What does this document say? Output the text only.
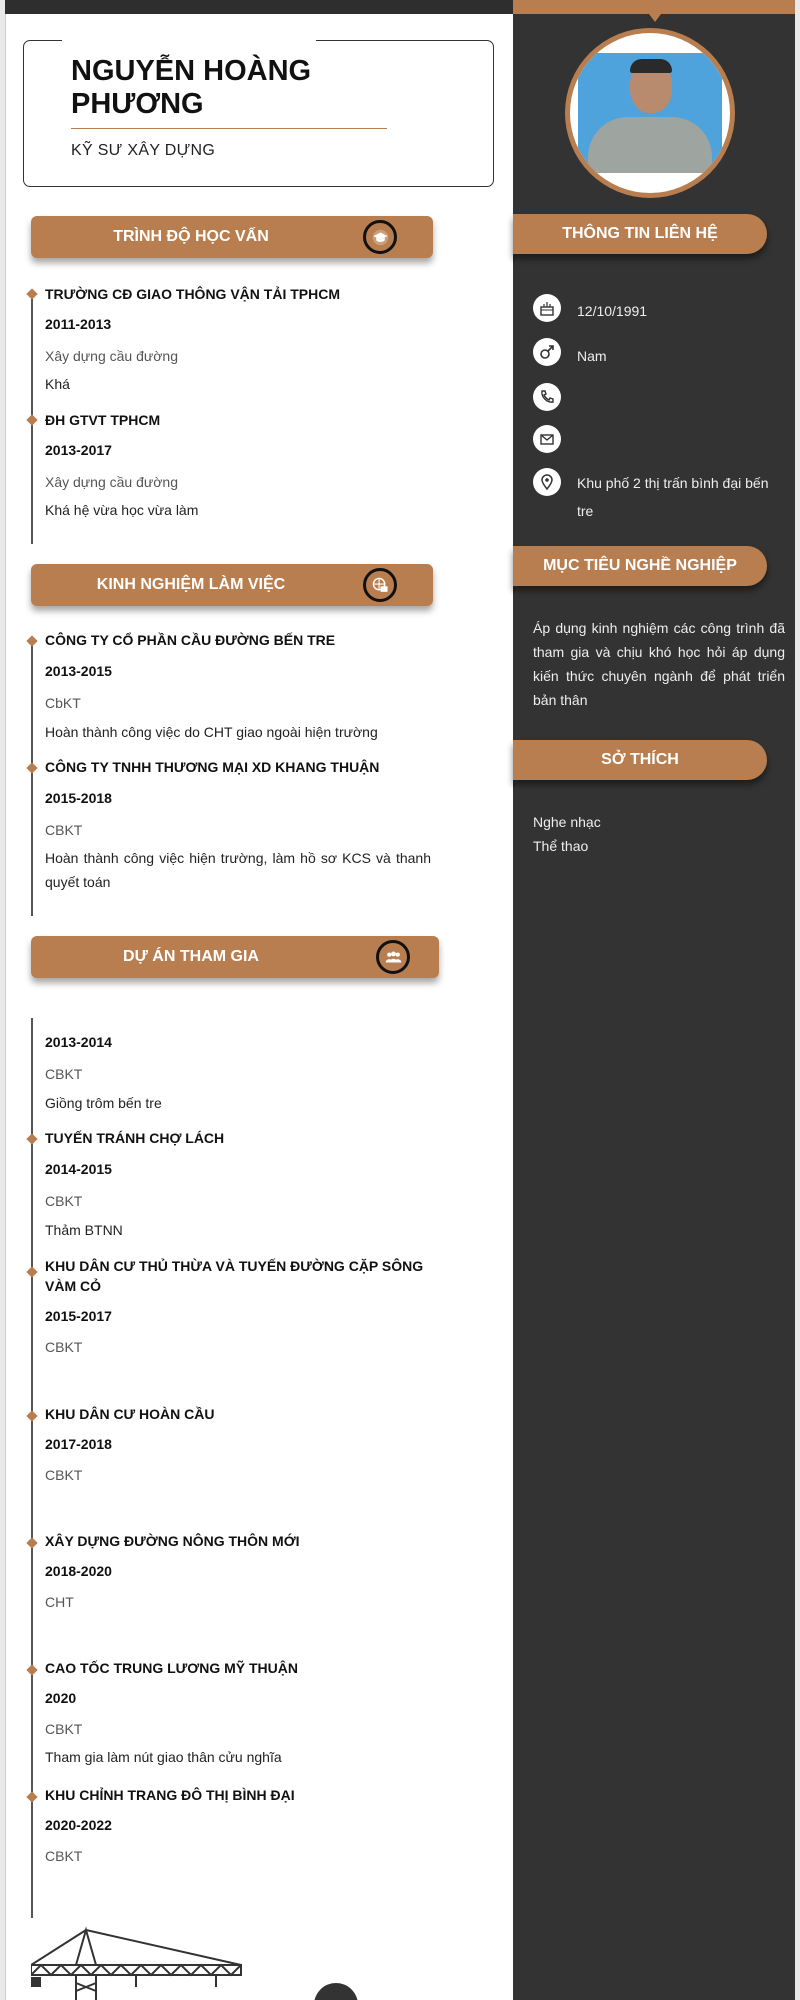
NGUYỄN HOÀNG PHƯƠNG
KỸ SƯ XÂY DỰNG
TRÌNH ĐỘ HỌC VẤN
TRƯỜNG CĐ GIAO THÔNG VẬN TẢI TPHCM
2011-2013
Xây dựng cầu đường
Khá
ĐH GTVT TPHCM
2013-2017
Xây dựng cầu đường
Khá hệ vừa học vừa làm
KINH NGHIỆM LÀM VIỆC
CÔNG TY CỔ PHẦN CẦU ĐƯỜNG BẾN TRE
2013-2015
CbKT
Hoàn thành công việc do CHT giao ngoài hiện trường
CÔNG TY TNHH THƯƠNG MẠI XD KHANG THUẬN
2015-2018
CBKT
Hoàn thành công việc hiện trường, làm hồ sơ KCS và thanh quyết toán
DỰ ÁN THAM GIA
2013-2014
CBKT
Giồng trôm bến tre
TUYẾN TRÁNH CHỢ LÁCH
2014-2015
CBKT
Thảm BTNN
KHU DÂN CƯ THỦ THỪA VÀ TUYẾN ĐƯỜNG CẶP SÔNG VÀM CỎ
2015-2017
CBKT
KHU DÂN CƯ HOÀN CẦU
2017-2018
CBKT
XÂY DỰNG ĐƯỜNG NÔNG THÔN MỚI
2018-2020
CHT
CAO TỐC TRUNG LƯƠNG MỸ THUẬN
2020
CBKT
Tham gia làm nút giao thân cửu nghĩa
KHU CHỈNH TRANG ĐÔ THỊ BÌNH ĐẠI
2020-2022
CBKT
THÔNG TIN LIÊN HỆ
12/10/1991
Nam
Khu phố 2 thị trấn bình đại bến tre
MỤC TIÊU NGHỀ NGHIỆP
Áp dụng kinh nghiệm các công trình đã tham gia và chịu khó học hỏi áp dụng kiến thức chuyên ngành để phát triển bản thân
SỞ THÍCH
Nghe nhạc
Thể thao
